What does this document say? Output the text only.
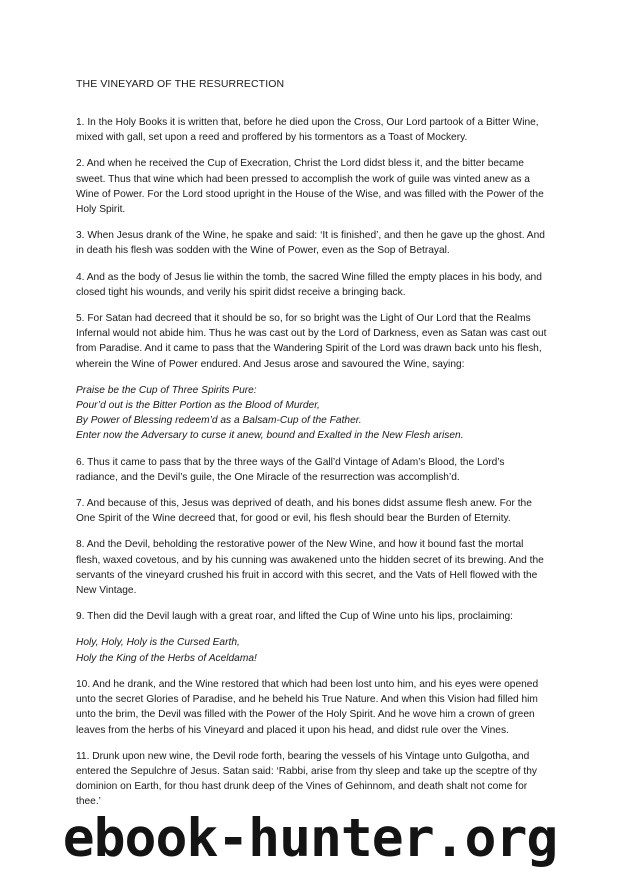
THE VINEYARD OF THE RESURRECTION

1. In the Holy Books it is written that, before he died upon the Cross, Our Lord partook of a Bitter Wine, mixed with gall, set upon a reed and proffered by his tormentors as a Toast of Mockery.

2. And when he received the Cup of Execration, Christ the Lord didst bless it, and the bitter became sweet. Thus that wine which had been pressed to accomplish the work of guile was vinted anew as a Wine of Power. For the Lord stood upright in the House of the Wise, and was filled with the Power of the Holy Spirit.

3. When Jesus drank of the Wine, he spake and said: ‘It is finished’, and then he gave up the ghost. And in death his flesh was sodden with the Wine of Power, even as the Sop of Betrayal.

4. And as the body of Jesus lie within the tomb, the sacred Wine filled the empty places in his body, and closed tight his wounds, and verily his spirit didst receive a bringing back.

5. For Satan had decreed that it should be so, for so bright was the Light of Our Lord that the Realms Infernal would not abide him. Thus he was cast out by the Lord of Darkness, even as Satan was cast out from Paradise. And it came to pass that the Wandering Spirit of the Lord was drawn back unto his flesh, wherein the Wine of Power endured. And Jesus arose and savoured the Wine, saying:

Praise be the Cup of Three Spirits Pure:
Pour’d out is the Bitter Portion as the Blood of Murder,
By Power of Blessing redeem’d as a Balsam-Cup of the Father.
Enter now the Adversary to curse it anew, bound and Exalted in the New Flesh arisen.

6. Thus it came to pass that by the three ways of the Gall’d Vintage of Adam’s Blood, the Lord’s radiance, and the Devil’s guile, the One Miracle of the resurrection was accomplish’d.

7. And because of this, Jesus was deprived of death, and his bones didst assume flesh anew. For the One Spirit of the Wine decreed that, for good or evil, his flesh should bear the Burden of Eternity.

8. And the Devil, beholding the restorative power of the New Wine, and how it bound fast the mortal flesh, waxed covetous, and by his cunning was awakened unto the hidden secret of its brewing. And the servants of the vineyard crushed his fruit in accord with this secret, and the Vats of Hell flowed with the New Vintage.

9. Then did the Devil laugh with a great roar, and lifted the Cup of Wine unto his lips, proclaiming:

Holy, Holy, Holy is the Cursed Earth,
Holy the King of the Herbs of Aceldama!

10. And he drank, and the Wine restored that which had been lost unto him, and his eyes were opened unto the secret Glories of Paradise, and he beheld his True Nature. And when this Vision had filled him unto the brim, the Devil was filled with the Power of the Holy Spirit. And he wove him a crown of green leaves from the herbs of his Vineyard and placed it upon his head, and didst rule over the Vines.

11. Drunk upon new wine, the Devil rode forth, bearing the vessels of his Vintage unto Gulgotha, and entered the Sepulchre of Jesus. Satan said: ‘Rabbi, arise from thy sleep and take up the sceptre of thy dominion on Earth, for thou hast drunk deep of the Vines of Gehinnom, and death shalt not come for thee.’

ebook-hunter.org
